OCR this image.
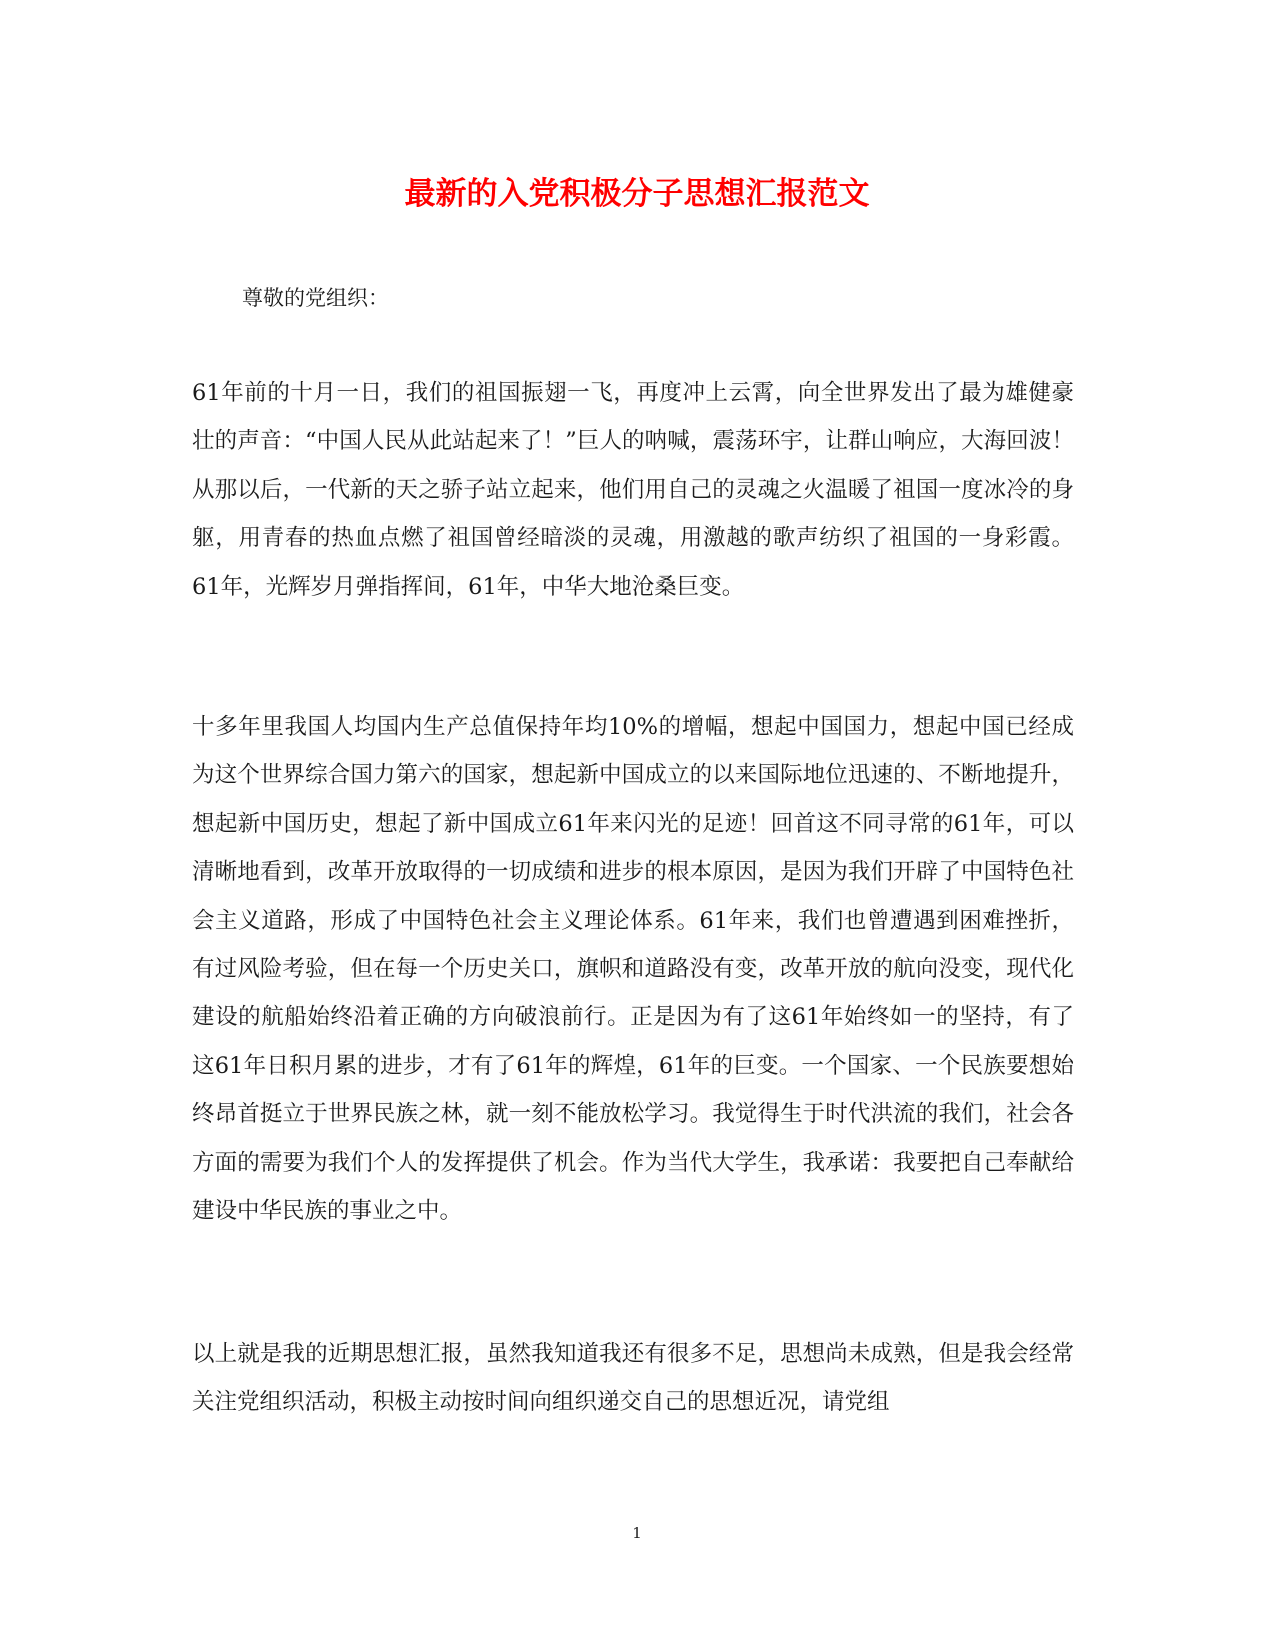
最新的入党积极分子思想汇报范文

尊敬的党组织：

61年前的十月一日，我们的祖国振翅一飞，再度冲上云霄，向全世界发出了最为雄健豪壮的声音：“中国人民从此站起来了！”巨人的呐喊，震荡环宇，让群山响应，大海回波！从那以后，一代新的天之骄子站立起来，他们用自己的灵魂之火温暖了祖国一度冰冷的身躯，用青春的热血点燃了祖国曾经暗淡的灵魂，用激越的歌声纺织了祖国的一身彩霞。61年，光辉岁月弹指挥间，61年，中华大地沧桑巨变。

十多年里我国人均国内生产总值保持年均10%的增幅，想起中国国力，想起中国已经成为这个世界综合国力第六的国家，想起新中国成立的以来国际地位迅速的、不断地提升，想起新中国历史，想起了新中国成立61年来闪光的足迹！回首这不同寻常的61年，可以清晰地看到，改革开放取得的一切成绩和进步的根本原因，是因为我们开辟了中国特色社会主义道路，形成了中国特色社会主义理论体系。61年来，我们也曾遭遇到困难挫折，有过风险考验，但在每一个历史关口，旗帜和道路没有变，改革开放的航向没变，现代化建设的航船始终沿着正确的方向破浪前行。正是因为有了这61年始终如一的坚持，有了这61年日积月累的进步，才有了61年的辉煌，61年的巨变。一个国家、一个民族要想始终昂首挺立于世界民族之林，就一刻不能放松学习。我觉得生于时代洪流的我们，社会各方面的需要为我们个人的发挥提供了机会。作为当代大学生，我承诺：我要把自己奉献给建设中华民族的事业之中。

以上就是我的近期思想汇报，虽然我知道我还有很多不足，思想尚未成熟，但是我会经常关注党组织活动，积极主动按时间向组织递交自己的思想近况，请党组

1
